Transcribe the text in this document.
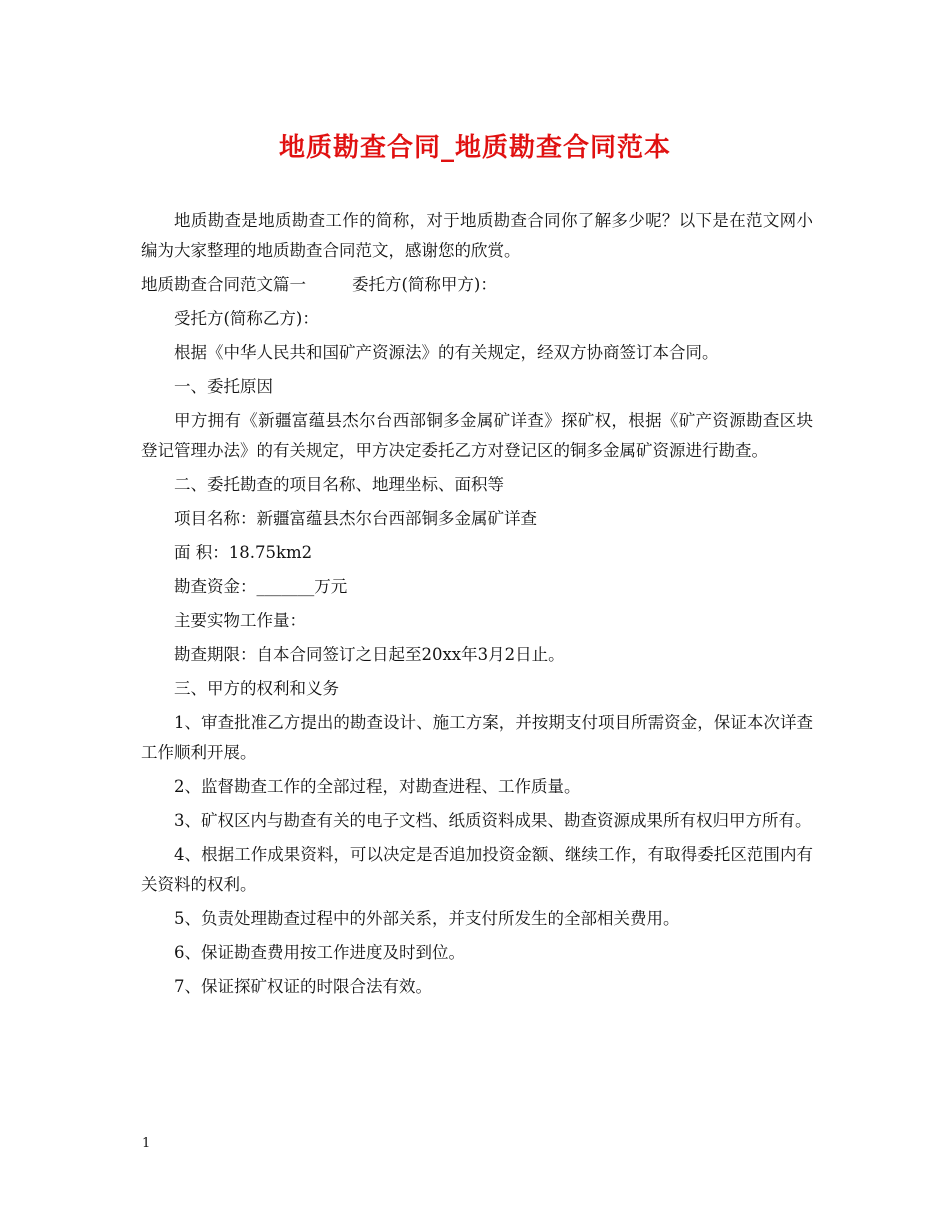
地质勘查合同_地质勘查合同范本

地质勘查是地质勘查工作的简称，对于地质勘查合同你了解多少呢？以下是在范文网小编为大家整理的地质勘查合同范文，感谢您的欣赏。

地质勘查合同范文篇一	委托方(简称甲方)：

受托方(简称乙方)：

根据《中华人民共和国矿产资源法》的有关规定，经双方协商签订本合同。

一、委托原因

甲方拥有《新疆富蕴县杰尔台西部铜多金属矿详查》探矿权，根据《矿产资源勘查区块登记管理办法》的有关规定，甲方决定委托乙方对登记区的铜多金属矿资源进行勘查。

二、委托勘查的项目名称、地理坐标、面积等

项目名称：新疆富蕴县杰尔台西部铜多金属矿详查

面 积：18.75km2

勘查资金：_______万元

主要实物工作量：

勘查期限：自本合同签订之日起至20xx年3月2日止。

三、甲方的权利和义务

1、审查批准乙方提出的勘查设计、施工方案，并按期支付项目所需资金，保证本次详查工作顺利开展。

2、监督勘查工作的全部过程，对勘查进程、工作质量。

3、矿权区内与勘查有关的电子文档、纸质资料成果、勘查资源成果所有权归甲方所有。

4、根据工作成果资料，可以决定是否追加投资金额、继续工作，有取得委托区范围内有关资料的权利。

5、负责处理勘查过程中的外部关系，并支付所发生的全部相关费用。

6、保证勘查费用按工作进度及时到位。

7、保证探矿权证的时限合法有效。

1
